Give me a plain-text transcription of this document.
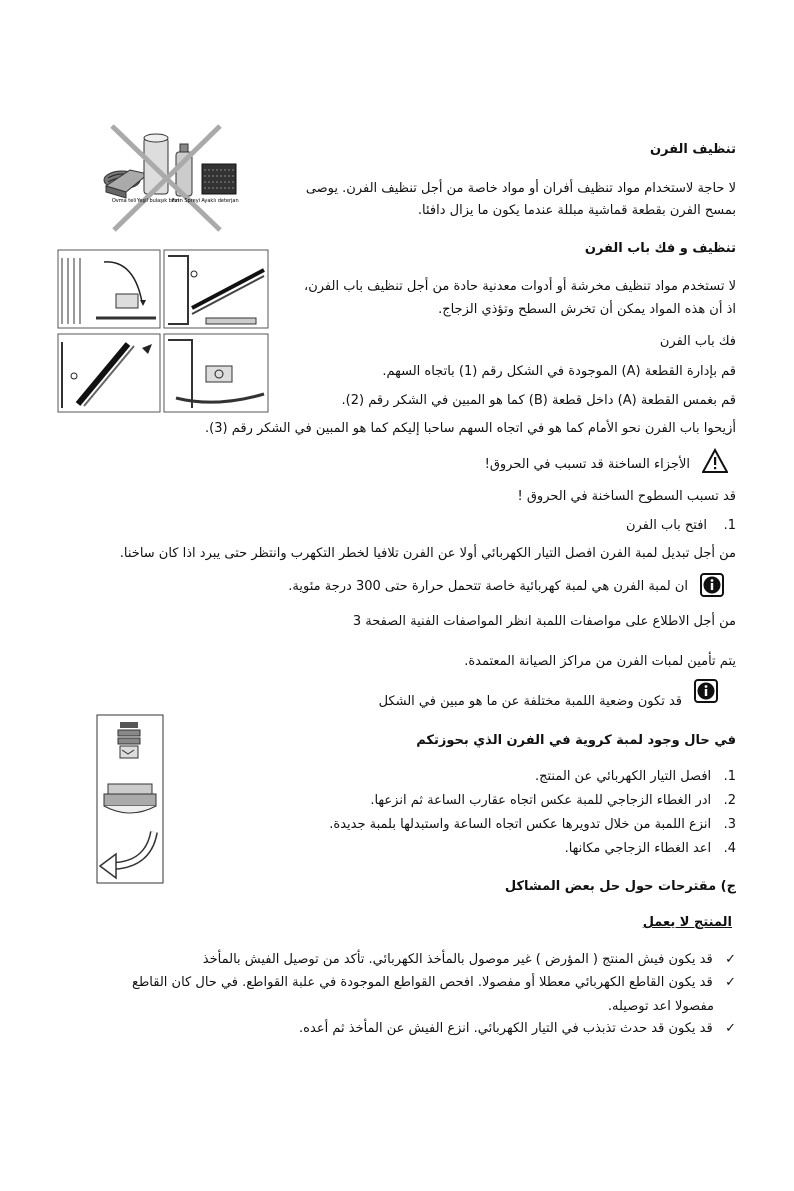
Ovma teli Yeşil bulaşık bezi
Fırın Spreyi Ayaklı deterjan
تنظيف الفرن
لا حاجة لاستخدام مواد تنظيف أفران أو مواد خاصة من أجل تنظيف الفرن. يوصى
بمسح الفرن بقطعة قماشية مبللة عندما يكون ما يزال دافئا.
تنظيف و فك باب الفرن
لا تستخدم مواد تنظيف مخرشة أو أدوات معدنية حادة من أجل تنظيف باب الفرن،
اذ أن هذه المواد يمكن أن تخرش السطح وتؤذي الزجاج.
فك باب الفرن
قم بإدارة القطعة (A) الموجودة في الشكل رقم (1) باتجاه السهم.
قم بغمس القطعة (A) داخل قطعة (B) كما هو المبين في الشكر رقم (2).
أزيحوا باب الفرن نحو الأمام كما هو في اتجاه السهم ساحبا إليكم كما هو المبين في الشكر رقم (3).
الأجزاء الساخنة قد تسبب في الحروق!
قد تسبب السطوح الساخنة في الحروق !
1.    افتح باب الفرن
من أجل تبديل لمبة الفرن افصل التيار الكهربائي أولا عن الفرن تلافيا لخطر التكهرب وانتظر حتى يبرد اذا كان ساخنا.
ان لمبة الفرن هي لمبة كهربائية خاصة تتحمل حرارة حتى 300 درجة مئوية.
من أجل الاطلاع على مواصفات اللمبة انظر المواصفات الفنية الصفحة 3
يتم تأمين لمبات الفرن من مراكز الصيانة المعتمدة.
قد تكون وضعية اللمبة مختلفة عن ما هو مبين في الشكل
في حال وجود لمبة كروية في الفرن الذي بحوزتكم
1.   افصل التيار الكهربائي عن المنتج.
2.   ادر الغطاء الزجاجي للمبة عكس اتجاه عقارب الساعة ثم انزعها.
3.   انزع اللمبة من خلال تدويرها عكس اتجاه الساعة واستبدلها بلمبة جديدة.
4.   اعد الغطاء الزجاجي مكانها.
ج) مقترحات حول حل بعض المشاكل
المنتج لا يعمل
✓   قد يكون فيش المنتج ( المؤرض ) غير موصول بالمأخذ الكهربائي. تأكد من توصيل الفيش بالمأخذ
✓   قد يكون القاطع الكهربائي معطلا أو مفصولا. افحص القواطع الموجودة في علبة القواطع. في حال كان القاطع
مفصولا اعد توصيله.
✓   قد يكون قد حدث تذبذب في التيار الكهربائي. انزع الفيش عن المأخذ ثم أعده.
